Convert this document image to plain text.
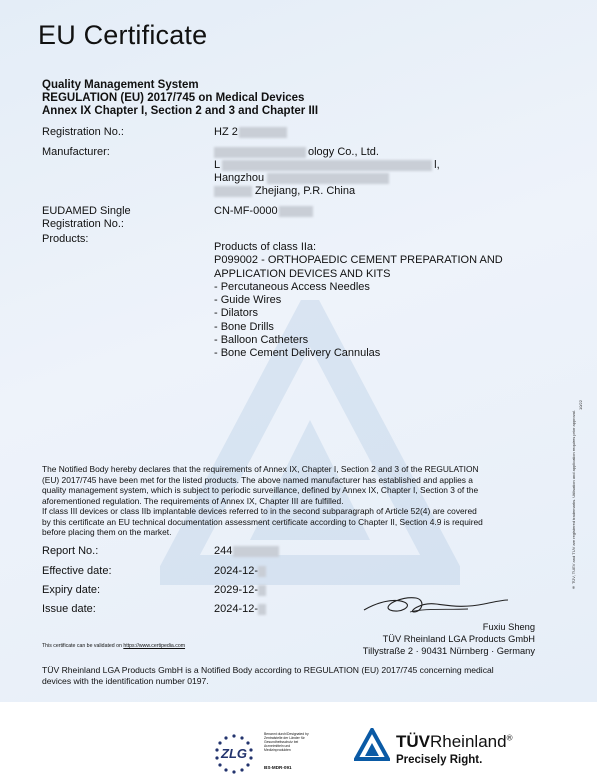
EU Certificate
Quality Management System
REGULATION (EU) 2017/745 on Medical Devices
Annex IX Chapter I, Section 2 and 3 and Chapter III
Registration No.:	HZ 2
Manufacturer:	ology Co., Ltd.
L	l,
Hangzhou
Zhejiang, P.R. China
EUDAMED Single
Registration No.:
CN-MF-0000
Products:
Products of class IIa:
P099002 - ORTHOPAEDIC CEMENT PREPARATION AND
APPLICATION DEVICES AND KITS
- Percutaneous Access Needles
- Guide Wires
- Dilators
- Bone Drills
- Balloon Catheters
- Bone Cement Delivery Cannulas
The Notified Body hereby declares that the requirements of Annex IX, Chapter I, Section 2 and 3 of the REGULATION
(EU) 2017/745 have been met for the listed products. The above named manufacturer has established and applies a
quality management system, which is subject to periodic surveillance, defined by Annex IX, Chapter I, Section 3 of the
aforementioned regulation. The requirements of Annex IX, Chapter III are fulfilled.
If class III devices or class IIb implantable devices referred to in the second subparagraph of Article 52(4) are covered
by this certificate an EU technical documentation assessment certificate according to Chapter II, Section 4.9 is required
before placing them on the market.
Report No.:	244
Effective date:	2024-12-
Expiry date:	2029-12-
Issue date:	2024-12-
This certificate can be validated on https://www.certipedia.com
Fuxiu Sheng
TÜV Rheinland LGA Products GmbH
Tillystraße 2 · 90431 Nürnberg · Germany
TÜV Rheinland LGA Products GmbH is a Notified Body according to REGULATION (EU) 2017/745 concerning medical
devices with the identification number 0197.
® TÜV, TUEV and TUV are registered trademarks. Utilisation and application requires prior approval.
10/22
ZLG
Benannt durch/Designated by Zentralstelle der Länder für Gesundheitsschutz bei Arzneimitteln und Medizinprodukten
BS-MDR-091
TÜVRheinland®
Precisely Right.
